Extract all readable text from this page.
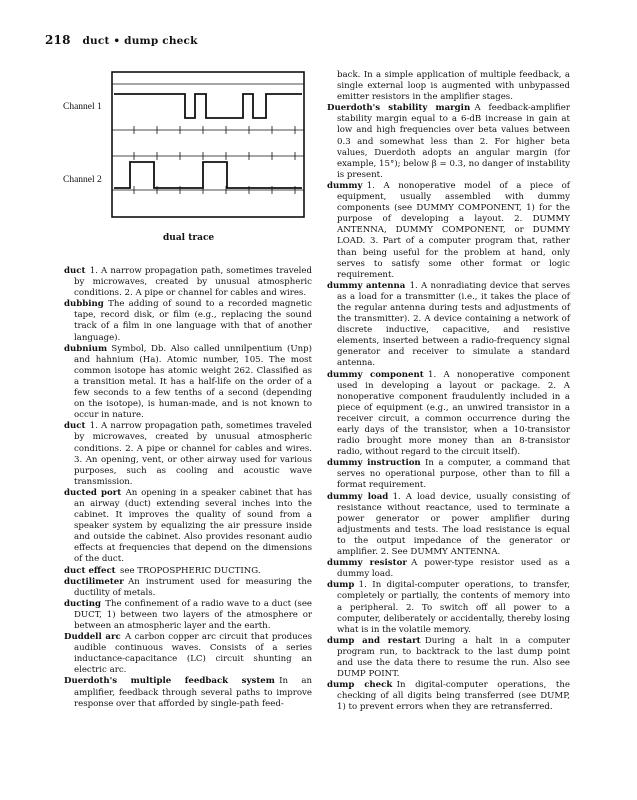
218 duct • dump check
Channel 1
Channel 2
dual trace

duct  1. A narrow propagation path, sometimes traveled by microwaves, created by unusual atmospheric conditions. 2. A pipe or channel for cables and wires.

dubbing  The adding of sound to a recorded magnetic tape, record disk, or film (e.g., replacing the sound track of a film in one language with that of another language).

dubnium  Symbol, Db. Also called unnilpentium (Unp) and hahnium (Ha). Atomic number, 105. The most common isotope has atomic weight 262. Classified as a transition metal. It has a half-life on the order of a few seconds to a few tenths of a second (depending on the isotope), is human-made, and is not known to occur in nature.

duct  1. A narrow propagation path, sometimes traveled by microwaves, created by unusual atmospheric conditions. 2. A pipe or channel for cables and wires. 3. An opening, vent, or other airway used for various purposes, such as cooling and acoustic wave transmission.

ducted port  An opening in a speaker cabinet that has an airway (duct) extending several inches into the cabinet. It improves the quality of sound from a speaker system by equalizing the air pressure inside and outside the cabinet. Also provides resonant audio effects at frequencies that depend on the dimensions of the duct.

duct effect  see TROPOSPHERIC DUCTING.

ductilimeter  An instrument used for measuring the ductility of metals.

ducting  The confinement of a radio wave to a duct (see DUCT, 1) between two layers of the atmosphere or between an atmospheric layer and the earth.

Duddell arc  A carbon copper arc circuit that produces audible continuous waves. Consists of a series inductance-capacitance (LC) circuit shunting an electric arc.

Duerdoth's multiple feedback system  In an amplifier, feedback through several paths to improve response over that afforded by single-path feed-

back. In a simple application of multiple feedback, a single external loop is augmented with unbypassed emitter resistors in the amplifier stages.

Duerdoth's stability margin  A feedback-amplifier stability margin equal to a 6-dB increase in gain at low and high frequencies over beta values between 0.3 and somewhat less than 2. For higher beta values, Duerdoth adopts an angular margin (for example, 15°); below β = 0.3, no danger of instability is present.

dummy  1. A nonoperative model of a piece of equipment, usually assembled with dummy components (see DUMMY COMPONENT, 1) for the purpose of developing a layout. 2. DUMMY ANTENNA, DUMMY COMPONENT, or DUMMY LOAD. 3. Part of a computer program that, rather than being useful for the problem at hand, only serves to satisfy some other format or logic requirement.

dummy antenna  1. A nonradiating device that serves as a load for a transmitter (i.e., it takes the place of the regular antenna during tests and adjustments of the transmitter). 2. A device containing a network of discrete inductive, capacitive, and resistive elements, inserted between a radio-frequency signal generator and receiver to simulate a standard antenna.

dummy component  1. A nonoperative component used in developing a layout or package. 2. A nonoperative component fraudulently included in a piece of equipment (e.g., an unwired transistor in a receiver circuit, a common occurrence during the early days of the transistor, when a 10-transistor radio brought more money than an 8-transistor radio, without regard to the circuit itself).

dummy instruction  In a computer, a command that serves no operational purpose, other than to fill a format requirement.

dummy load  1. A load device, usually consisting of resistance without reactance, used to terminate a power generator or power amplifier during adjustments and tests. The load resistance is equal to the output impedance of the generator or amplifier. 2. See DUMMY ANTENNA.

dummy resistor  A power-type resistor used as a dummy load.

dump  1. In digital-computer operations, to transfer, completely or partially, the contents of memory into a peripheral. 2. To switch off all power to a computer, deliberately or accidentally, thereby losing what is in the volatile memory.

dump and restart  During a halt in a computer program run, to backtrack to the last dump point and use the data there to resume the run. Also see DUMP POINT.

dump check  In digital-computer operations, the checking of all digits being transferred (see DUMP, 1) to prevent errors when they are retransferred.
